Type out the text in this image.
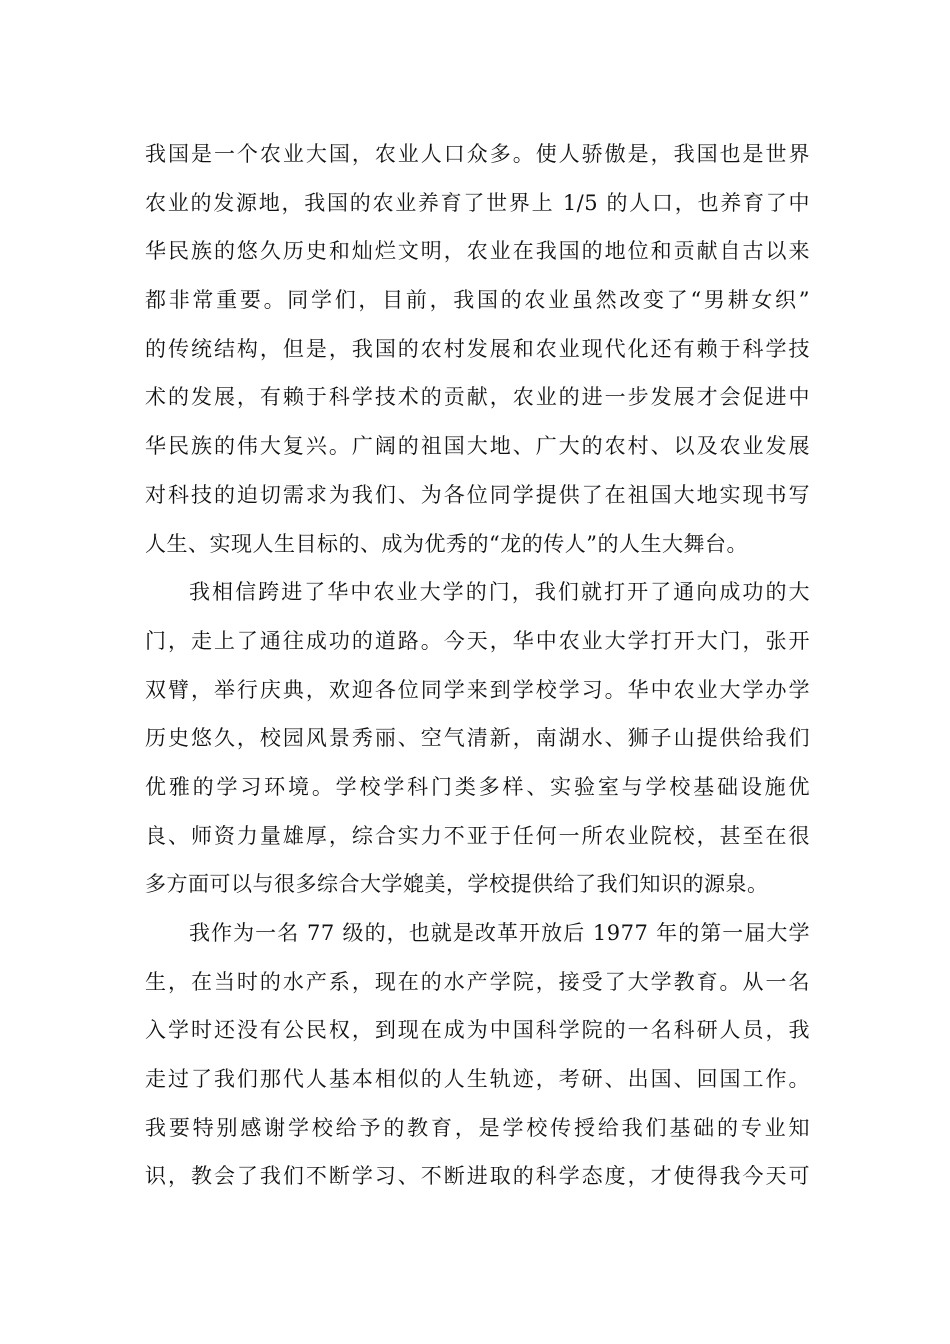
我国是一个农业大国，农业人口众多。使人骄傲是，我国也是世界
农业的发源地，我国的农业养育了世界上 1/5 的人口，也养育了中
华民族的悠久历史和灿烂文明，农业在我国的地位和贡献自古以来
都非常重要。同学们，目前，我国的农业虽然改变了“男耕女织”
的传统结构，但是，我国的农村发展和农业现代化还有赖于科学技
术的发展，有赖于科学技术的贡献，农业的进一步发展才会促进中
华民族的伟大复兴。广阔的祖国大地、广大的农村、以及农业发展
对科技的迫切需求为我们、为各位同学提供了在祖国大地实现书写
人生、实现人生目标的、成为优秀的“龙的传人”的人生大舞台。
我相信跨进了华中农业大学的门，我们就打开了通向成功的大
门，走上了通往成功的道路。今天，华中农业大学打开大门，张开
双臂，举行庆典，欢迎各位同学来到学校学习。华中农业大学办学
历史悠久，校园风景秀丽、空气清新，南湖水、狮子山提供给我们
优雅的学习环境。学校学科门类多样、实验室与学校基础设施优
良、师资力量雄厚，综合实力不亚于任何一所农业院校，甚至在很
多方面可以与很多综合大学媲美，学校提供给了我们知识的源泉。
我作为一名 77 级的，也就是改革开放后 1977 年的第一届大学
生，在当时的水产系，现在的水产学院，接受了大学教育。从一名
入学时还没有公民权，到现在成为中国科学院的一名科研人员，我
走过了我们那代人基本相似的人生轨迹，考研、出国、回国工作。
我要特别感谢学校给予的教育，是学校传授给我们基础的专业知
识，教会了我们不断学习、不断进取的科学态度，才使得我今天可
